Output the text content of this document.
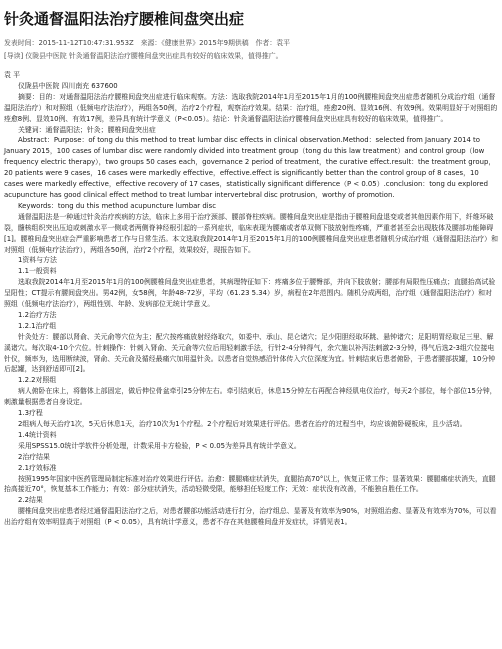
针灸通督温阳法治疗腰椎间盘突出症
发表时间：2015-11-12T10:47:31.953Z　来源：《健康世界》2015年9期供稿　作者：袁平
[导读] 仪陇县中医院 针灸通督温阳法治疗腰椎间盘突出症具有较好的临床效果，值得推广。

袁 平

仪陇县中医院 四川南充 637600

摘要：目的：对通督温阳法治疗腰椎间盘突出症进行临床观察。方法：选取我院2014年1月至2015年1月的100例腰椎间盘突出症患者随机分成治疗组（通督温阳法治疗）和对照组（低频电疗法治疗），两组各50例，治疗2个疗程，观察治疗效果。结果：治疗组，痊愈20例、显效16例、有效9例。效果明显好于对照组的痊愈8例、显效10例、有效17例，差异具有统计学意义（P<0.05）。结论：针灸通督温阳法治疗腰椎间盘突出症具有较好的临床效果，值得推广。

关键词：通督温阳法；针灸；腰椎间盘突出症

Abstract：Purpose：of tong du this method to treat lumbar disc effects in clinical observation.Method：selected from January 2014 to January 2015，100 cases of lumbar disc were randomly divided into treatment group（tong du this law treatment）and control group（low frequency electric therapy），two groups 50 cases each，governance 2 period of treatment，the curative effect.result：the treatment group，20 patients were 9 cases，16 cases were markedly effective，effective.effect is significantly better than the control group of 8 cases，10 cases were markedly effective，effective recovery of 17 cases，statistically significant difference（P < 0.05）.conclusion：tong du explored acupuncture has good clinical effect method to treat lumbar intervertebral disc protrusion，worthy of promotion.

Keywords：tong du this method acupuncture lumbar disc

通督温阳法是一种通过针灸治疗疾病的方法，临床上多用于治疗颈部、腰部脊柱疾病。腰椎间盘突出症是指由于腰椎间盘退变或者其他因素作用下，纤维环破裂，髓核组织突出压迫或刺激水平一侧或者两侧脊神经根引起的一系列症状，临床表现为腰痛或者单双侧下肢放射性疼痛，严重者甚至会出现肢体及腰部功能障碍[1]。腰椎间盘突出症会严重影响患者工作与日常生活。本文选取我院2014年1月至2015年1月的100例腰椎间盘突出症患者随机分成治疗组（通督温阳法治疗）和对照组（低频电疗法治疗），两组各50例，治疗2个疗程，效果较好，现报告如下。

1资料与方法

1.1一般资料

选取我院2014年1月至2015年1月的100例腰椎间盘突出症患者，其病理特征如下：疼痛多位于腰臀部，并向下肢放射；腰部有局限性压痛点；直腿抬高试验呈阳性；CT提示有腰间盘突出。男42例，女58例，年龄48-72岁，平均（61.23 5.34）岁，病程在2年范围内。随机分成两组，治疗组（通督温阳法治疗）和对照组（低频电疗法治疗），两组性别、年龄、发病部位无统计学意义。

1.2治疗方法

1.2.1治疗组

针灸处方：腰部以肾俞、关元俞等穴位为主；配穴按疼痛放射经络取穴，如委中、承山、昆仑诸穴；足少阳胆经取环跳、悬钟诸穴；足阳明胃经取足三里、解溪诸穴。每次取4-10个穴位。针刺操作：针刺入肾俞、关元俞等穴位后用轻刺激手法，行针2-4分钟得气，余穴施以补泻法刺激2-3分钟，得气后选2-3组穴位接电针仪，频率为，选用断续波，肾俞、关元俞及循经最痛穴加用温针灸。以患者自觉热感沿针体传入穴位深度为宜。针刺结束后患者俯卧，于患者腰部拔罐，10分钟后起罐，达到舒适即可[2]。

1.2.2对照组

病人俯卧在床上，将髂体上部固定，做后伸位骨盆牵引25分钟左右。牵引结束后，休息15分钟左右再配合神经肌电仪治疗，每天2个部位，每个部位15分钟，刺激量根据患者自身设定。

1.3疗程

2组病人每天治疗1次，5天后休息1天，治疗10次为1个疗程。2个疗程后对效果进行评估。患者在治疗的过程当中，均应该俯卧硬板床，且少活动。

1.4统计资料

采用SPSS15.0统计学软件分析处理，计数采用卡方检验，P < 0.05为差异具有统计学意义。

2治疗结果

2.1疗效标准

按照1995年国家中医药管理局制定标准对治疗效果进行评估。治愈：腰腿痛症状消失，直腿抬高70°以上，恢复正常工作；显著效果：腰腿痛症状消失，直腿抬高接近70°，恢复基本工作能力；有效：部分症状消失，活动轻微受限，能够担任轻度工作；无效：症状没有改善，不能独自胜任工作。

2.2结果

腰椎间盘突出症患者经过通督温阳法治疗之后，对患者腰部功能活动进行打分，治疗组总、显著及有效率为90%，对照组治愈、显著及有效率为70%，可以看出治疗组有效率明显高于对照组（P < 0.05），具有统计学意义，患者不存在其他腰椎间盘并发症状，详情见表1。
